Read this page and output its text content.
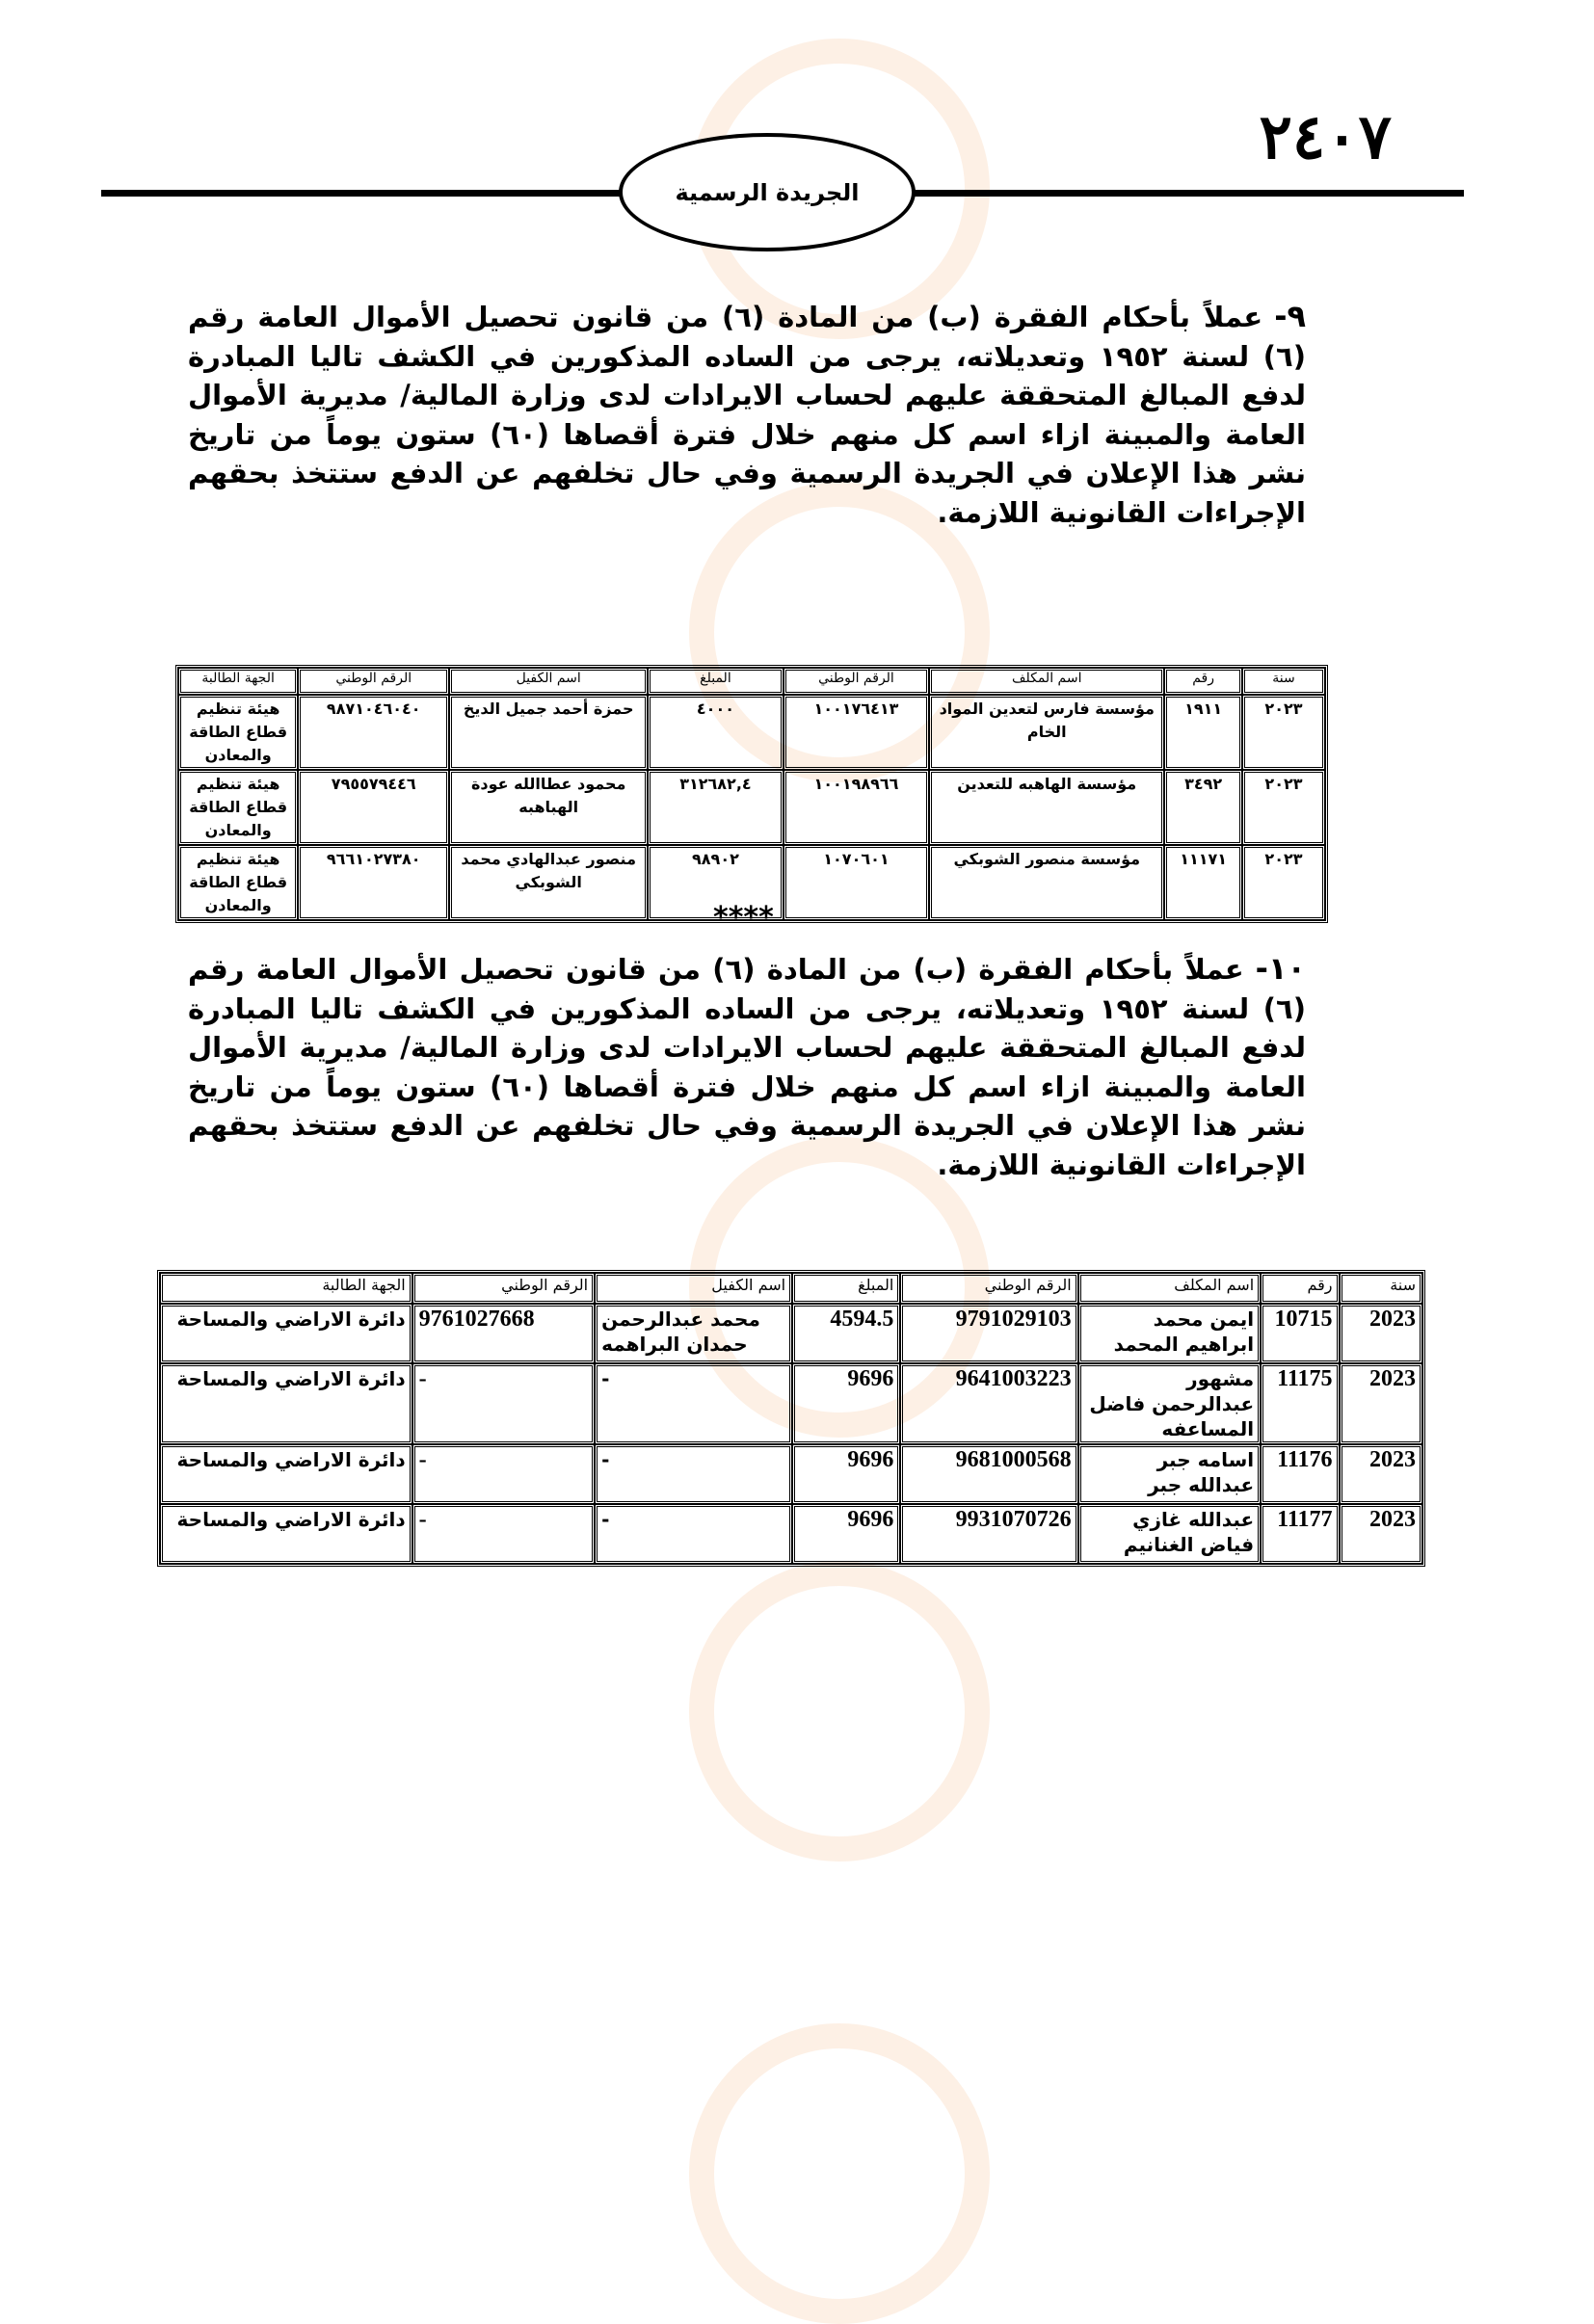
٢٤٠٧
الجريدة الرسمية
٩-عملاً بأحكام الفقرة (ب) من المادة (٦) من قانون تحصيل الأموال العامة رقم (٦) لسنة ١٩٥٢ وتعديلاته، يرجى من الساده المذكورين في الكشف تاليا المبادرة لدفع المبالغ المتحققة عليهم لحساب الايرادات لدى وزارة المالية/ مديرية الأموال العامة والمبينة ازاء اسم كل منهم خلال فترة أقصاها (٦٠) ستون يوماً من تاريخ نشر هذا الإعلان في الجريدة الرسمية وفي حال تخلفهم عن الدفع ستتخذ بحقهم الإجراءات القانونية اللازمة.
سنة	رقم	اسم المكلف	الرقم الوطني	المبلغ	اسم الكفيل	الرقم الوطني	الجهة الطالبة
٢٠٢٣	١٩١١	مؤسسة فارس لتعدين المواد الخام	١٠٠١٧٦٤١٣	٤٠٠٠	حمزة أحمد جميل الديخ	٩٨٧١٠٤٦٠٤٠	هيئة تنظيم قطاع الطاقة والمعادن
٢٠٢٣	٣٤٩٢	مؤسسة الهاهبه للتعدين	١٠٠١٩٨٩٦٦	٣١٢٦٨٢,٤	محمود عطاالله عودة الهباهبه	٧٩٥٥٧٩٤٤٦	هيئة تنظيم قطاع الطاقة والمعادن
٢٠٢٣	١١١٧١	مؤسسة منصور الشوبكي	١٠٧٠٦٠١	٩٨٩٠٢	منصور عبدالهادي محمد الشوبكي	٩٦٦١٠٢٧٣٨٠	هيئة تنظيم قطاع الطاقة والمعادن	****
١٠-عملاً بأحكام الفقرة (ب) من المادة (٦) من قانون تحصيل الأموال العامة رقم (٦) لسنة ١٩٥٢ وتعديلاته، يرجى من الساده المذكورين في الكشف تاليا المبادرة لدفع المبالغ المتحققة عليهم لحساب الايرادات لدى وزارة المالية/ مديرية الأموال العامة والمبينة ازاء اسم كل منهم خلال فترة أقصاها (٦٠) ستون يوماً من تاريخ نشر هذا الإعلان في الجريدة الرسمية وفي حال تخلفهم عن الدفع ستتخذ بحقهم الإجراءات القانونية اللازمة.
سنة	رقم	اسم المكلف	الرقم الوطني	المبلغ	اسم الكفيل	الرقم الوطني	الجهة الطالبة
2023	10715	ايمن محمد ابراهيم المحمد	9791029103	4594.5	محمد عبدالرحمن حمدان البراهمه	9761027668	دائرة الاراضي والمساحة
2023	11175	مشهور عبدالرحمن فاضل المساعفه	9641003223	9696	-	-	دائرة الاراضي والمساحة
2023	11176	اسامه جبر عبدالله جبر	9681000568	9696	-	-	دائرة الاراضي والمساحة
2023	11177	عبدالله غازي فياض الغنانيم	9931070726	9696	-	-	دائرة الاراضي والمساحة
